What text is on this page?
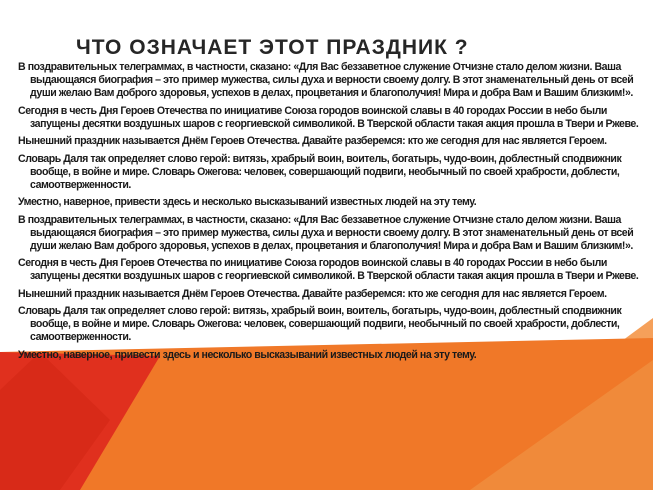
ЧТО ОЗНАЧАЕТ ЭТОТ ПРАЗДНИК ?

В поздравительных телеграммах, в частности, сказано: «Для Вас беззаветное служение Отчизне стало делом жизни. Ваша выдающаяся биография – это пример мужества, силы духа и верности своему долгу. В этот знаменательный день от всей души желаю Вам доброго здоровья, успехов в делах, процветания и благополучия! Мира и добра Вам и Вашим близким!».

Сегодня в честь Дня Героев Отечества по инициативе Союза городов воинской славы в 40 городах России в небо были запущены десятки воздушных шаров с георгиевской символикой. В Тверской области такая акция прошла в Твери и Ржеве.

Нынешний праздник называется Днём Героев Отечества. Давайте разберемся: кто же сегодня для нас является Героем.

Словарь Даля так определяет слово герой: витязь, храбрый воин, воитель, богатырь, чудо-воин, доблестный сподвижник вообще, в войне и мире. Словарь Ожегова: человек, совершающий подвиги, необычный по своей храбрости, доблести, самоотверженности.

Уместно, наверное, привести здесь и несколько высказываний известных людей на эту тему.

В поздравительных телеграммах, в частности, сказано: «Для Вас беззаветное служение Отчизне стало делом жизни. Ваша выдающаяся биография – это пример мужества, силы духа и верности своему долгу. В этот знаменательный день от всей души желаю Вам доброго здоровья, успехов в делах, процветания и благополучия! Мира и добра Вам и Вашим близким!».

Сегодня в честь Дня Героев Отечества по инициативе Союза городов воинской славы в 40 городах России в небо были запущены десятки воздушных шаров с георгиевской символикой. В Тверской области такая акция прошла в Твери и Ржеве.

Нынешний праздник называется Днём Героев Отечества. Давайте разберемся: кто же сегодня для нас является Героем.

Словарь Даля так определяет слово герой: витязь, храбрый воин, воитель, богатырь, чудо-воин, доблестный сподвижник вообще, в войне и мире. Словарь Ожегова: человек, совершающий подвиги, необычный по своей храбрости, доблести, самоотверженности.

Уместно, наверное, привести здесь и несколько высказываний известных людей на эту тему.
